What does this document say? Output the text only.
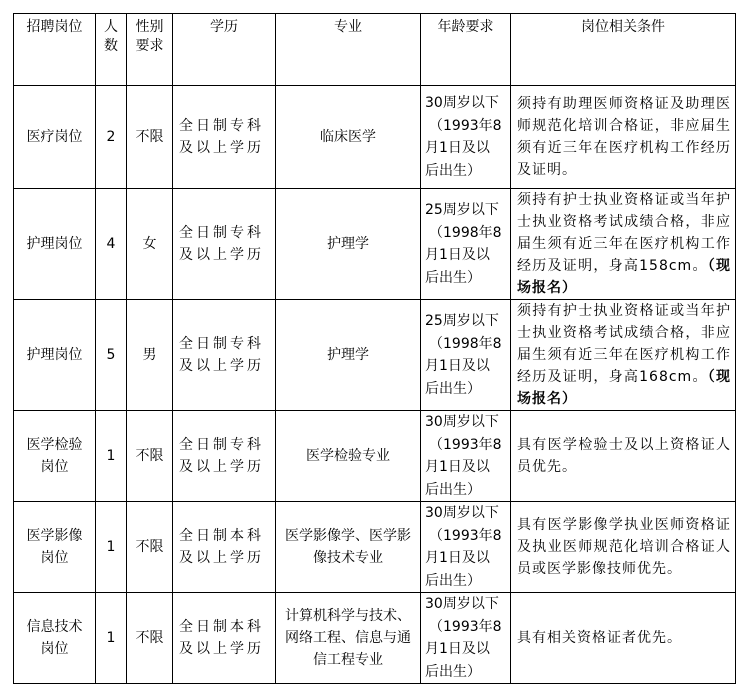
招聘岗位	人
数	性别
要求	学历	专业	年龄要求	岗位相关条件

医疗岗位	2	不限	全日制专科
及以上学历	临床医学	30周岁以下
（1993年8
月1日及以
后出生）	须持有助理医师资格证及助理医师规范化培训合格证，非应届生须有近三年在医疗机构工作经历及证明。

护理岗位	4	女	全日制专科
及以上学历	护理学	25周岁以下
（1998年8
月1日及以
后出生）	须持有护士执业资格证或当年护士执业资格考试成绩合格，非应届生须有近三年在医疗机构工作经历及证明，身高158cm。（现场报名）

护理岗位	5	男	全日制专科
及以上学历	护理学	25周岁以下
（1998年8
月1日及以
后出生）	须持有护士执业资格证或当年护士执业资格考试成绩合格，非应届生须有近三年在医疗机构工作经历及证明，身高168cm。（现场报名）

医学检验
岗位	1	不限	全日制专科
及以上学历	医学检验专业	30周岁以下
（1993年8
月1日及以
后出生）	具有医学检验士及以上资格证人员优先。

医学影像
岗位	1	不限	全日制本科
及以上学历	医学影像学、医学影
像技术专业	30周岁以下
（1993年8
月1日及以
后出生）	具有医学影像学执业医师资格证及执业医师规范化培训合格证人员或医学影像技师优先。

信息技术
岗位	1	不限	全日制本科
及以上学历	计算机科学与技术、
网络工程、信息与通
信工程专业	30周岁以下
（1993年8
月1日及以
后出生）	具有相关资格证者优先。
